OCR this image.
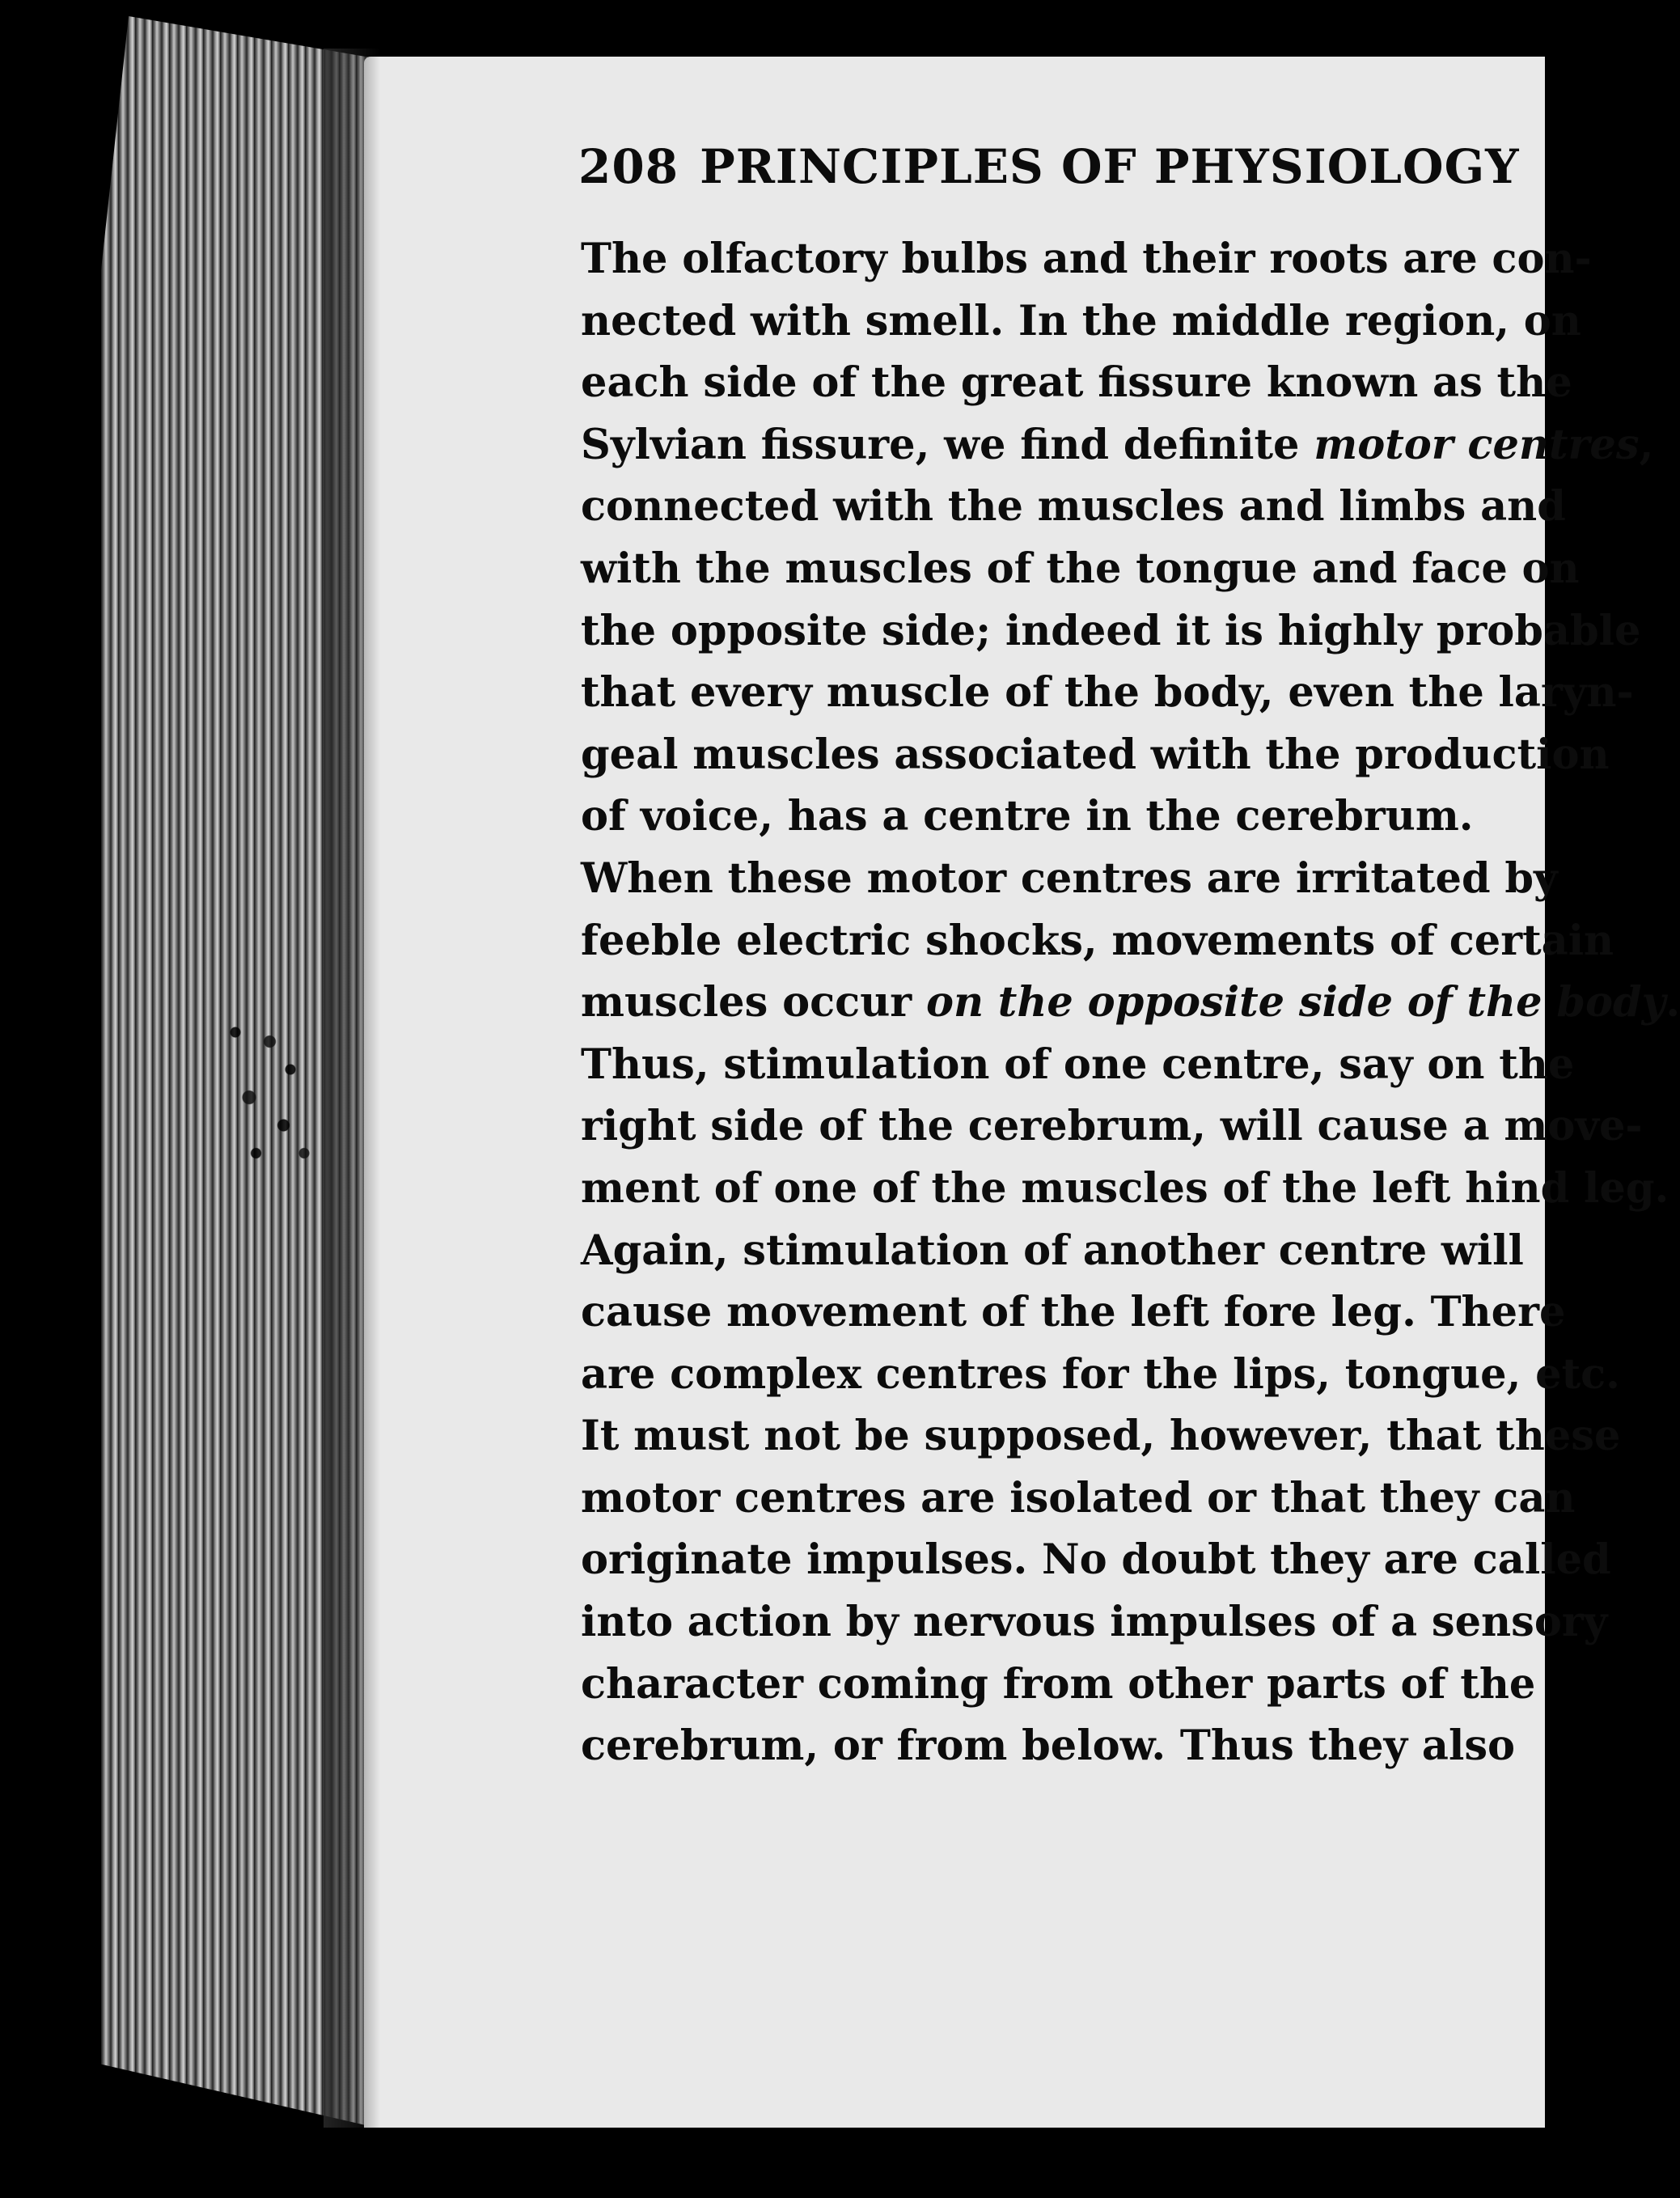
208 PRINCIPLES OF PHYSIOLOGY
The olfactory bulbs and their roots are con-
nected with smell. In the middle region, on
each side of the great fissure known as the
Sylvian fissure, we find definite motor centres,
connected with the muscles and limbs and
with the muscles of the tongue and face on
the opposite side; indeed it is highly probable
that every muscle of the body, even the laryn-
geal muscles associated with the production
of voice, has a centre in the cerebrum.
When these motor centres are irritated by
feeble electric shocks, movements of certain
muscles occur on the opposite side of the body.
Thus, stimulation of one centre, say on the
right side of the cerebrum, will cause a move-
ment of one of the muscles of the left hind leg.
Again, stimulation of another centre will
cause movement of the left fore leg. There
are complex centres for the lips, tongue, etc.
It must not be supposed, however, that these
motor centres are isolated or that they can
originate impulses. No doubt they are called
into action by nervous impulses of a sensory
character coming from other parts of the
cerebrum, or from below. Thus they also
